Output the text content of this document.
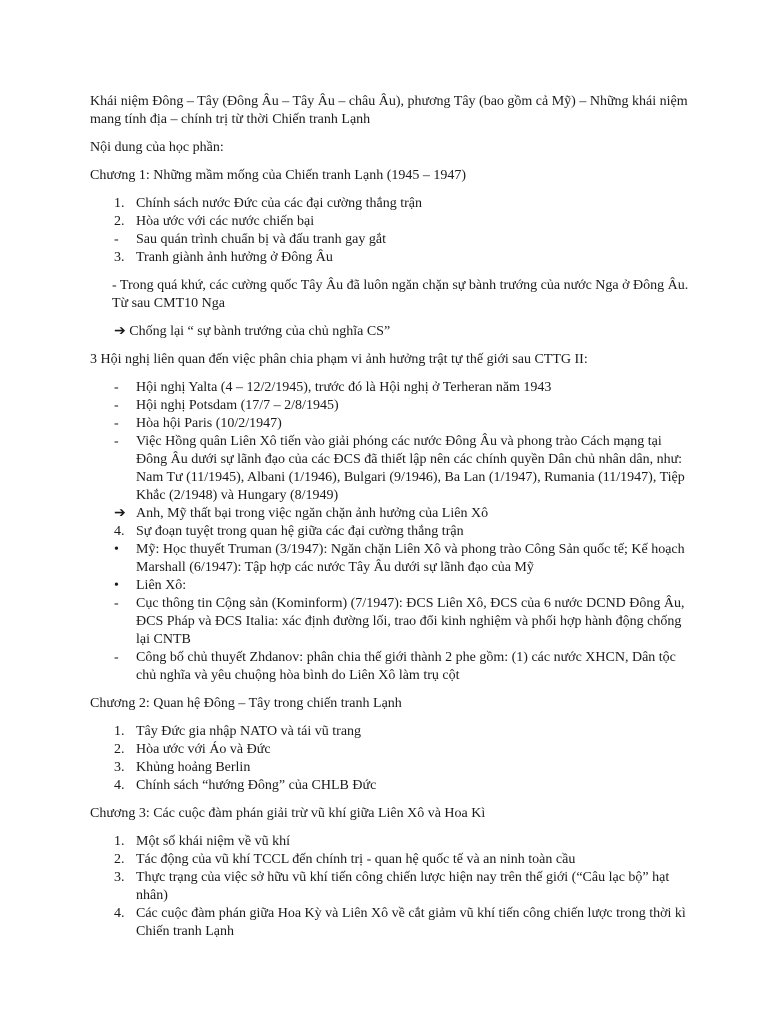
Khái niệm Đông – Tây (Đông Âu – Tây Âu – châu Âu), phương Tây (bao gồm cả Mỹ) – Những khái niệm mang tính địa – chính trị từ thời Chiến tranh Lạnh

Nội dung của học phần:

Chương 1: Những mầm mống của Chiến tranh Lạnh (1945 – 1947)

1. Chính sách nước Đức của các đại cường thắng trận
2. Hòa ước với các nước chiến bại
- Sau quán trình chuẩn bị và đấu tranh gay gắt
3. Tranh giành ảnh hưởng ở Đông Âu

- Trong quá khứ, các cường quốc Tây Âu đã luôn ngăn chặn sự bành trướng của nước Nga ở Đông Âu. Từ sau CMT10 Nga

➔ Chống lại “ sự bành trướng của chủ nghĩa CS”

3 Hội nghị liên quan đến việc phân chia phạm vi ảnh hưởng trật tự thế giới sau CTTG II:

- Hội nghị Yalta (4 – 12/2/1945), trước đó là Hội nghị ở Terheran năm 1943
- Hội nghị Potsdam (17/7 – 2/8/1945)
- Hòa hội Paris (10/2/1947)
- Việc Hồng quân Liên Xô tiến vào giải phóng các nước Đông Âu và phong trào Cách mạng tại Đông Âu dưới sự lãnh đạo của các ĐCS đã thiết lập nên các chính quyền Dân chủ nhân dân, như: Nam Tư (11/1945), Albani (1/1946), Bulgari (9/1946), Ba Lan (1/1947), Rumania (11/1947), Tiệp Khắc (2/1948) và Hungary (8/1949)
➔ Anh, Mỹ thất bại trong việc ngăn chặn ảnh hưởng của Liên Xô
4. Sự đoạn tuyệt trong quan hệ giữa các đại cường thắng trận
• Mỹ: Học thuyết Truman (3/1947): Ngăn chặn Liên Xô và phong trào Công Sản quốc tế; Kế hoạch Marshall (6/1947): Tập hợp các nước Tây Âu dưới sự lãnh đạo của Mỹ
• Liên Xô:
- Cục thông tin Cộng sản (Kominform) (7/1947): ĐCS Liên Xô, ĐCS của 6 nước DCND Đông Âu, ĐCS Pháp và ĐCS Italia: xác định đường lối, trao đổi kinh nghiệm và phối hợp hành động chống lại CNTB
- Công bố chủ thuyết Zhdanov: phân chia thế giới thành 2 phe gồm: (1) các nước XHCN, Dân tộc chủ nghĩa và yêu chuộng hòa bình do Liên Xô làm trụ cột

Chương 2: Quan hệ Đông – Tây trong chiến tranh Lạnh

1. Tây Đức gia nhập NATO và tái vũ trang
2. Hòa ước với Áo và Đức
3. Khủng hoảng Berlin
4. Chính sách “hướng Đông” của CHLB Đức

Chương 3: Các cuộc đàm phán giải trừ vũ khí giữa Liên Xô và Hoa Kì

1. Một số khái niệm về vũ khí
2. Tác động của vũ khí TCCL đến chính trị - quan hệ quốc tế và an ninh toàn cầu
3. Thực trạng của việc sở hữu vũ khí tiến công chiến lược hiện nay trên thế giới (“Câu lạc bộ” hạt nhân)
4. Các cuộc đàm phán giữa Hoa Kỳ và Liên Xô về cắt giảm vũ khí tiến công chiến lược trong thời kì Chiến tranh Lạnh
